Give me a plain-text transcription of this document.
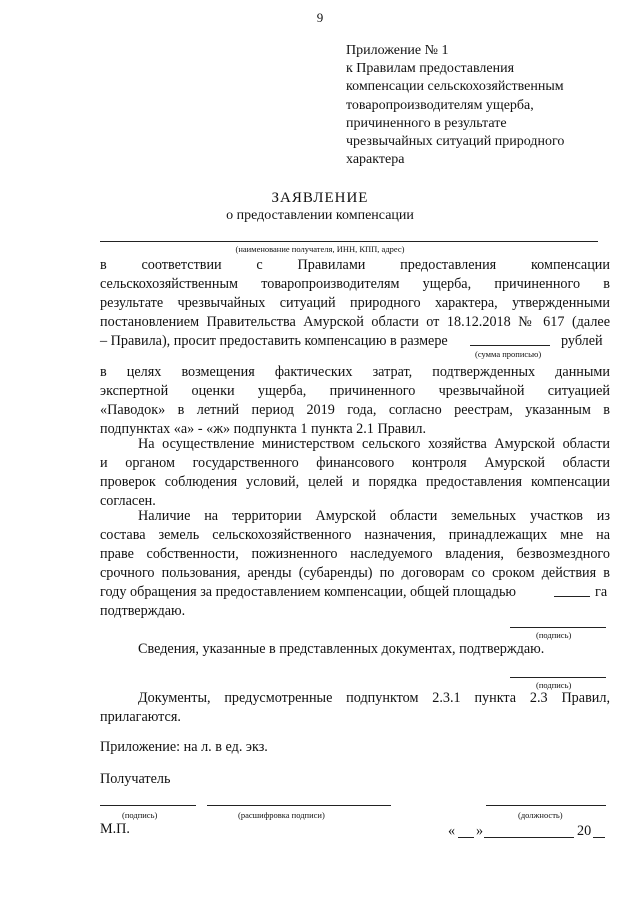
9
Приложение № 1
к Правилам предоставления
компенсации сельскохозяйственным
товаропроизводителям ущерба,
причиненного в результате
чрезвычайных ситуаций природного
характера
ЗАЯВЛЕНИЕ
о предоставлении компенсации
(наименование получателя, ИНН, КПП, адрес)
в соответствии с Правилами предоставления компенсации
сельскохозяйственным товаропроизводителям ущерба, причиненного в
результате чрезвычайных ситуаций природного характера, утвержденными
постановлением Правительства Амурской области от 18.12.2018 № 617 (далее
– Правила), просит предоставить компенсацию в размере	рублей
(сумма прописью)
в целях возмещения фактических затрат, подтвержденных данными
экспертной оценки ущерба, причиненного чрезвычайной ситуацией
«Паводок» в летний период 2019 года, согласно реестрам, указанным в
подпунктах «а» - «ж» подпункта 1 пункта 2.1 Правил.
На осуществление министерством сельского хозяйства Амурской области
и органом государственного финансового контроля Амурской области
проверок соблюдения условий, целей и порядка предоставления компенсации
согласен.
Наличие на территории Амурской области земельных участков из
состава земель сельскохозяйственного назначения, принадлежащих мне на
праве собственности, пожизненного наследуемого владения, безвозмездного
срочного пользования, аренды (субаренды) по договорам со сроком действия в
году обращения за предоставлением компенсации, общей площадью	га
подтверждаю.
(подпись)
Сведения, указанные в представленных документах, подтверждаю.
(подпись)
Документы, предусмотренные подпунктом 2.3.1 пункта 2.3 Правил,
прилагаются.
Приложение: на л. в ед. экз.
Получатель
(подпись)	(расшифровка подписи)	(должность)
М.П.	« »	20
